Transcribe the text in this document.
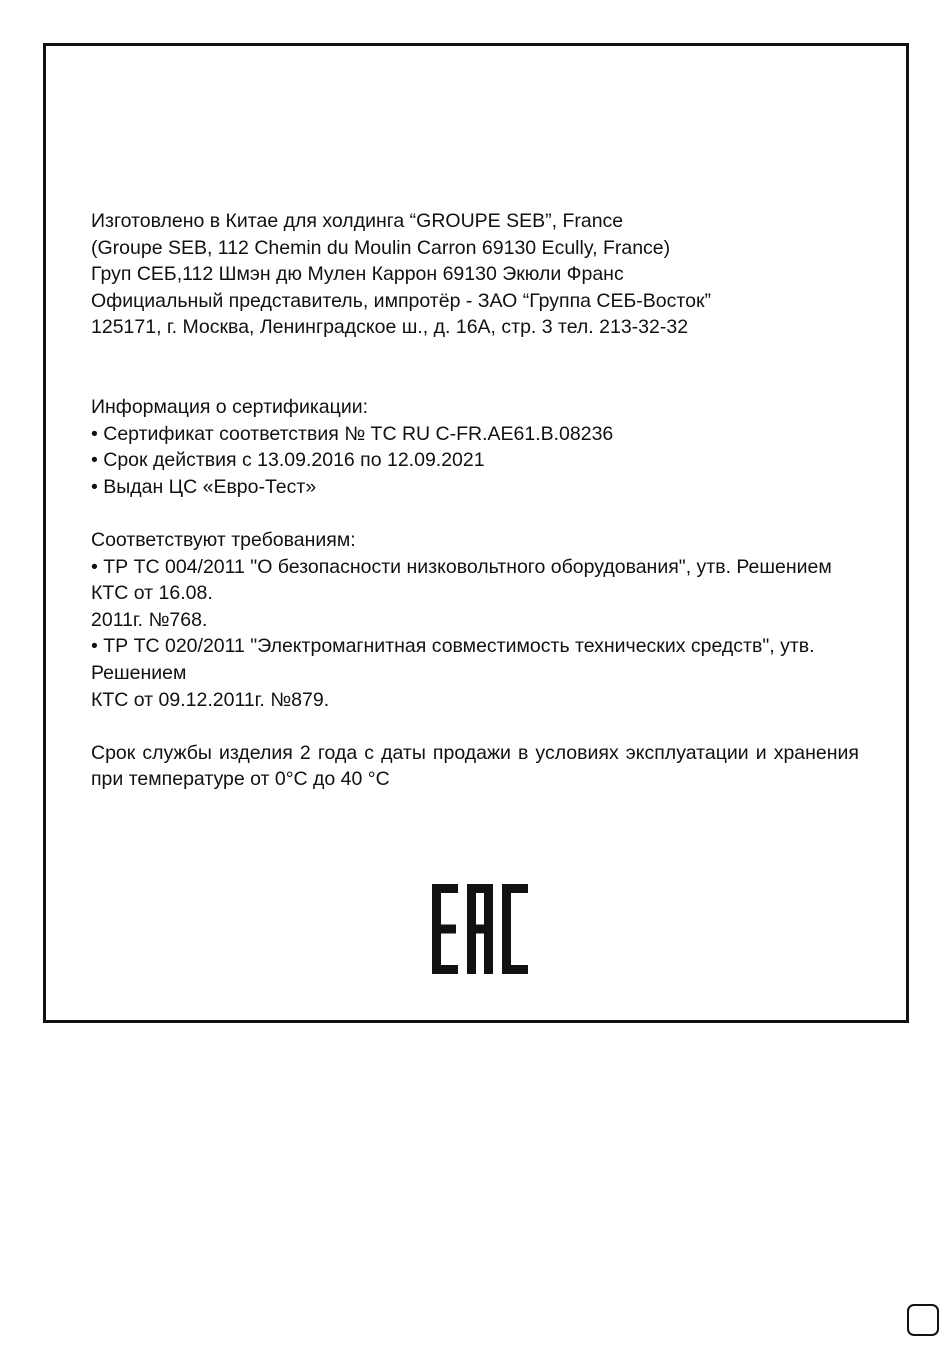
Изготовлено в Китае для холдинга “GROUPE SEB”, France
(Groupe SEB, 112 Chemin du Moulin Carron 69130 Ecully, France)
Груп СЕБ,112 Шмэн дю Мулен Каррон 69130 Экюли Франс
Официальный представитель, импротёр - ЗАО “Группа СЕБ-Восток”
125171, г. Москва, Ленинградское ш., д. 16А, стр. 3 тел. 213-32-32
Информация о сертификации:
• Сертификат соответствия № ТС RU C-FR.AE61.B.08236
• Срок действия с 13.09.2016 по 12.09.2021
• Выдан ЦС «Евро-Тест»
Соответствуют требованиям:
• ТР ТС 004/2011 "О безопасности низковольтного оборудования", утв. Решением
КТС от 16.08.
2011г. №768.
• ТР ТС 020/2011 "Электромагнитная совместимость технических средств", утв.
Решением
КТС от 09.12.2011г. №879.
Срок службы изделия 2 года с даты продажи в условиях эксплуатации и хранения при температуре от 0°C до 40 °C
